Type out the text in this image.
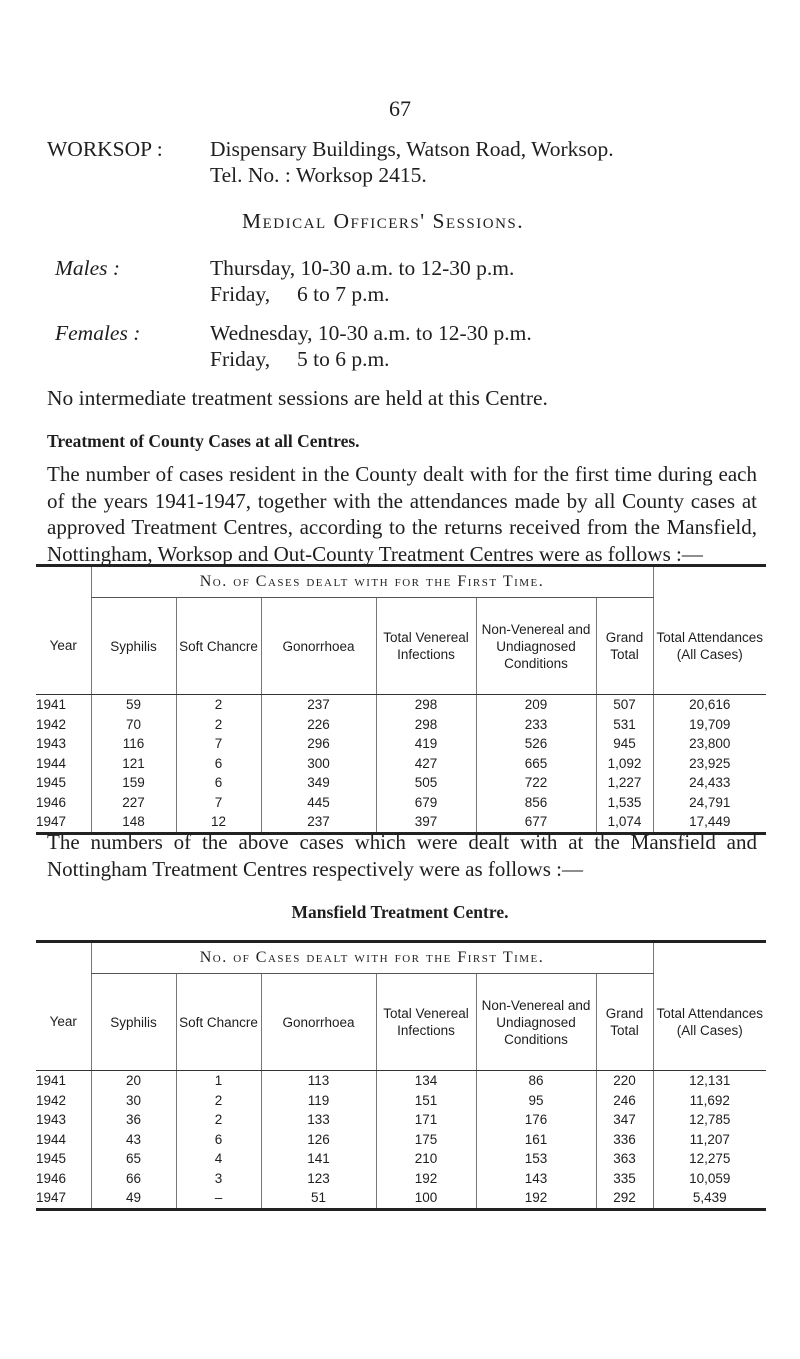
67
WORKSOP : Dispensary Buildings, Watson Road, Worksop.
Tel. No. : Worksop 2415.
Medical Officers' Sessions.
Males :	Thursday, 10-30 a.m. to 12-30 p.m.
Friday,     6 to 7 p.m.
Females :	Wednesday, 10-30 a.m. to 12-30 p.m.
Friday,     5 to 6 p.m.
No intermediate treatment sessions are held at this Centre.
Treatment of County Cases at all Centres.
The number of cases resident in the County dealt with for the first time during each of the years 1941-1947, together with the attendances made by all County cases at approved Treatment Centres, according to the returns received from the Mansfield, Nottingham, Worksop and Out-County Treatment Centres were as follows :—
	No. of Cases dealt with for the First Time.						
Year	Syphilis	Soft Chancre	Gonorrhoea	Total Venereal Infections	Non-Venereal and Undiagnosed Conditions	Grand Total	Total Attendances (All Cases)
1941	59	2	237	298	209	507	20,616
1942	70	2	226	298	233	531	19,709
1943	116	7	296	419	526	945	23,800
1944	121	6	300	427	665	1,092	23,925
1945	159	6	349	505	722	1,227	24,433
1946	227	7	445	679	856	1,535	24,791
1947	148	12	237	397	677	1,074	17,449
The numbers of the above cases which were dealt with at the Mansfield and Nottingham Treatment Centres respectively were as follows :—
Mansfield Treatment Centre.
	No. of Cases dealt with for the First Time.						
Year	Syphilis	Soft Chancre	Gonorrhoea	Total Venereal Infections	Non-Venereal and Undiagnosed Conditions	Grand Total	Total Attendances (All Cases)
1941	20	1	113	134	86	220	12,131
1942	30	2	119	151	95	246	11,692
1943	36	2	133	171	176	347	12,785
1944	43	6	126	175	161	336	11,207
1945	65	4	141	210	153	363	12,275
1946	66	3	123	192	143	335	10,059
1947	49	–	51	100	192	292	5,439
